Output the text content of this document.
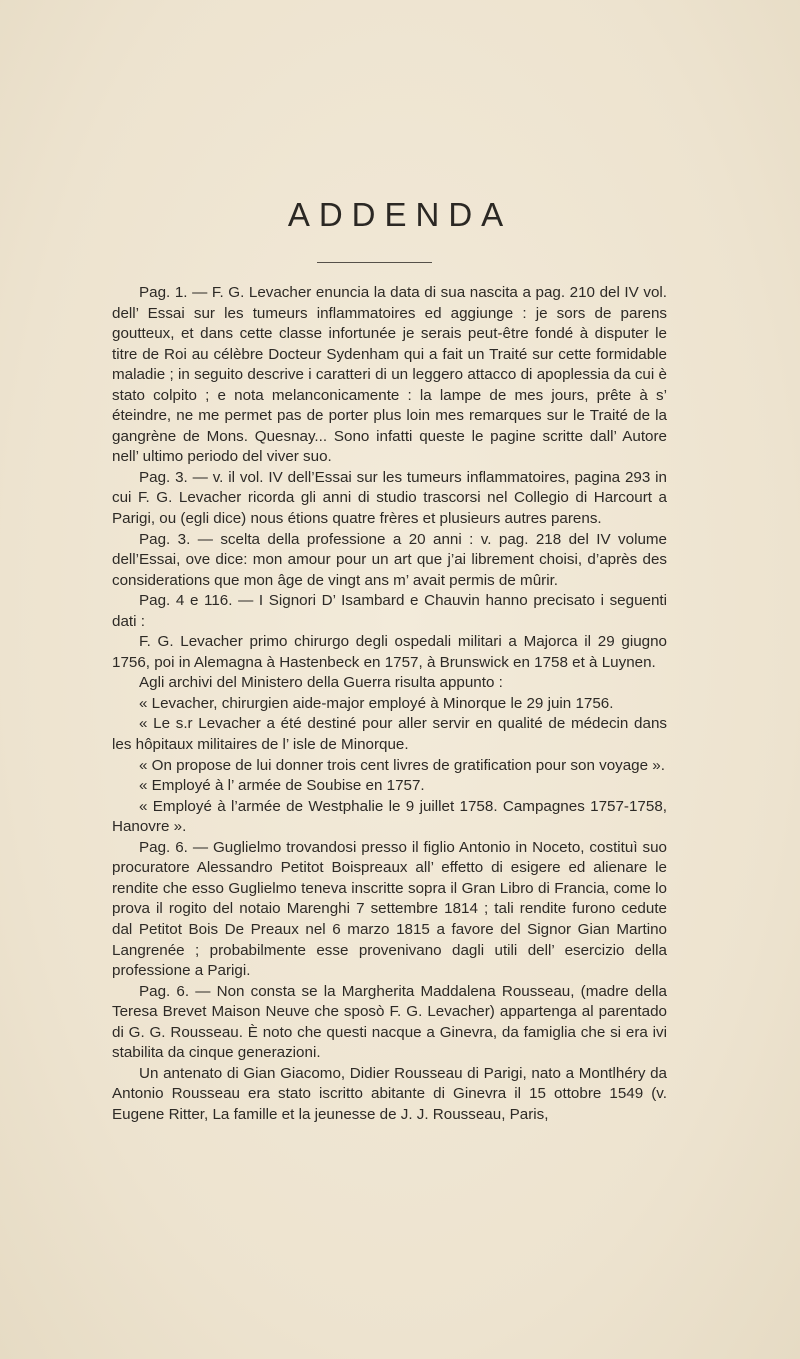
ADDENDA

Pag. 1. — F. G. Levacher enuncia la data di sua nascita a pag. 210 del IV vol. dell’ Essai sur les tumeurs inflammatoires ed aggiunge : je sors de parens goutteux, et dans cette classe infortunée je serais peut-être fondé à disputer le titre de Roi au célèbre Docteur Sydenham qui a fait un Traité sur cette formidable maladie ; in seguito descrive i caratteri di un leggero attacco di apoplessia da cui è stato colpito ; e nota melanconicamente : la lampe de mes jours, prête à s’ éteindre, ne me permet pas de porter plus loin mes remarques sur le Traité de la gangrène de Mons. Quesnay... Sono infatti queste le pagine scritte dall’ Autore nell’ ultimo periodo del viver suo.

Pag. 3. — v. il vol. IV dell’Essai sur les tumeurs inflammatoires, pagina 293 in cui F. G. Levacher ricorda gli anni di studio trascorsi nel Collegio di Harcourt a Parigi, ou (egli dice) nous étions quatre frères et plusieurs autres parens.

Pag. 3. — scelta della professione a 20 anni : v. pag. 218 del IV volume dell’Essai, ove dice: mon amour pour un art que j’ai librement choisi, d’après des considerations que mon âge de vingt ans m’ avait permis de mûrir.

Pag. 4 e 116. — I Signori D’ Isambard e Chauvin hanno precisato i seguenti dati :

F. G. Levacher primo chirurgo degli ospedali militari a Majorca il 29 giugno 1756, poi in Alemagna à Hastenbeck en 1757, à Brunswick en 1758 et à Luynen.

Agli archivi del Ministero della Guerra risulta appunto :

« Levacher, chirurgien aide-major employé à Minorque le 29 juin 1756.

« Le s.r Levacher a été destiné pour aller servir en qualité de médecin dans les hôpitaux militaires de l’ isle de Minorque.

« On propose de lui donner trois cent livres de gratification pour son voyage ».

« Employé à l’ armée de Soubise en 1757.

« Employé à l’armée de Westphalie le 9 juillet 1758. Campagnes 1757-1758, Hanovre ».

Pag. 6. — Guglielmo trovandosi presso il figlio Antonio in Noceto, costituì suo procuratore Alessandro Petitot Boispreaux all’ effetto di esigere ed alienare le rendite che esso Guglielmo teneva inscritte sopra il Gran Libro di Francia, come lo prova il rogito del notaio Marenghi 7 settembre 1814 ; tali rendite furono cedute dal Petitot Bois De Preaux nel 6 marzo 1815 a favore del Signor Gian Martino Langrenée ; probabilmente esse provenivano dagli utili dell’ esercizio della professione a Parigi.

Pag. 6. — Non consta se la Margherita Maddalena Rousseau, (madre della Teresa Brevet Maison Neuve che sposò F. G. Levacher) appartenga al parentado di G. G. Rousseau. È noto che questi nacque a Ginevra, da famiglia che si era ivi stabilita da cinque generazioni.

Un antenato di Gian Giacomo, Didier Rousseau di Parigi, nato a Montlhéry da Antonio Rousseau era stato iscritto abitante di Ginevra il 15 ottobre 1549 (v. Eugene Ritter, La famille et la jeunesse de J. J. Rousseau, Paris,
